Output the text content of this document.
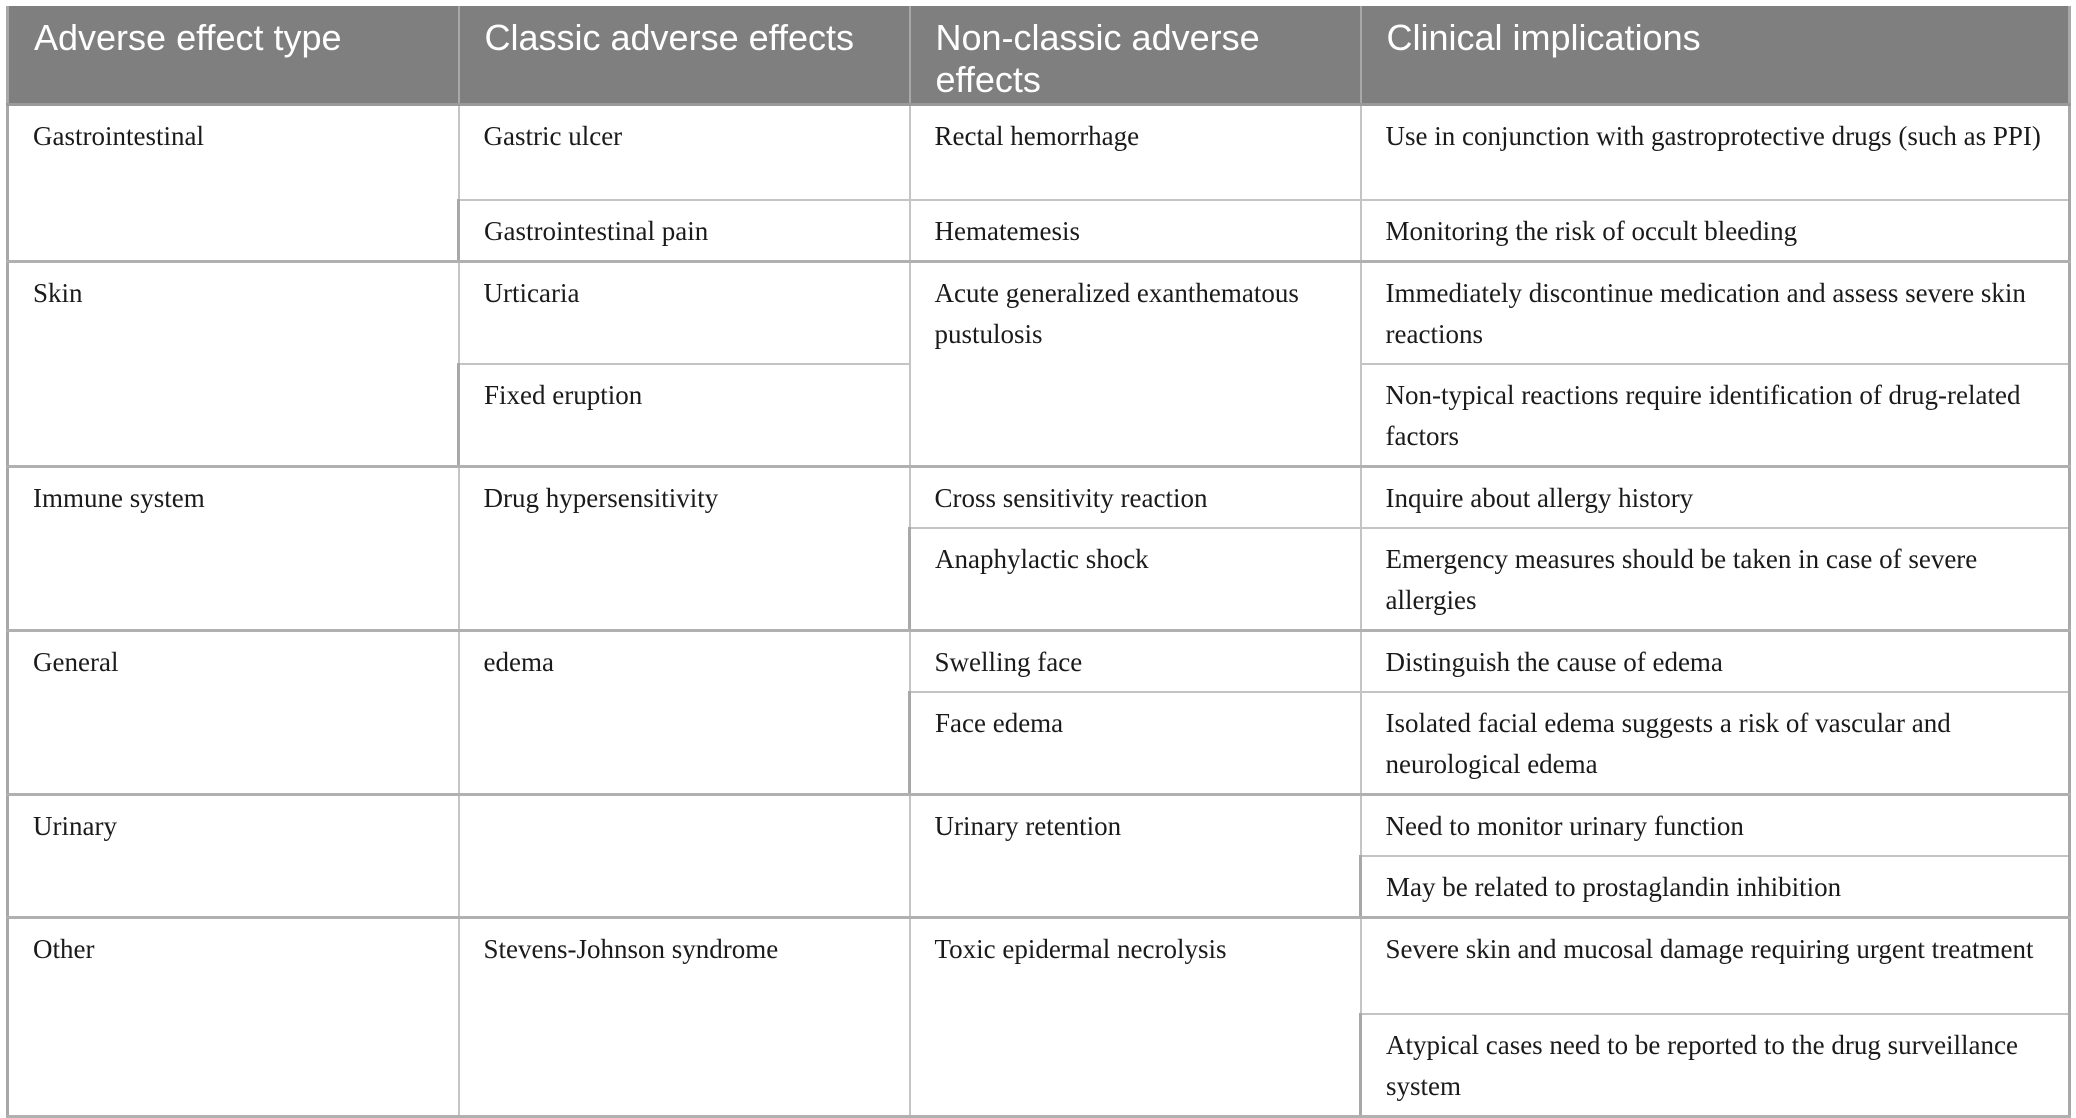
Adverse effect type	Classic adverse effects	Non-classic adverse effects	Clinical implications
Gastrointestinal	Gastric ulcer	Rectal hemorrhage	Use in conjunction with gastroprotective drugs (such as PPI)
	Gastrointestinal pain	Hematemesis	Monitoring the risk of occult bleeding
Skin	Urticaria	Acute generalized exanthematous pustulosis	Immediately discontinue medication and assess severe skin reactions
	Fixed eruption		Non-typical reactions require identification of drug-related factors
Immune system	Drug hypersensitivity	Cross sensitivity reaction	Inquire about allergy history
		Anaphylactic shock	Emergency measures should be taken in case of severe allergies
General	edema	Swelling face	Distinguish the cause of edema
		Face edema	Isolated facial edema suggests a risk of vascular and neurological edema
Urinary		Urinary retention	Need to monitor urinary function
			May be related to prostaglandin inhibition
Other	Stevens-Johnson syndrome	Toxic epidermal necrolysis	Severe skin and mucosal damage requiring urgent treatment
			Atypical cases need to be reported to the drug surveillance system
